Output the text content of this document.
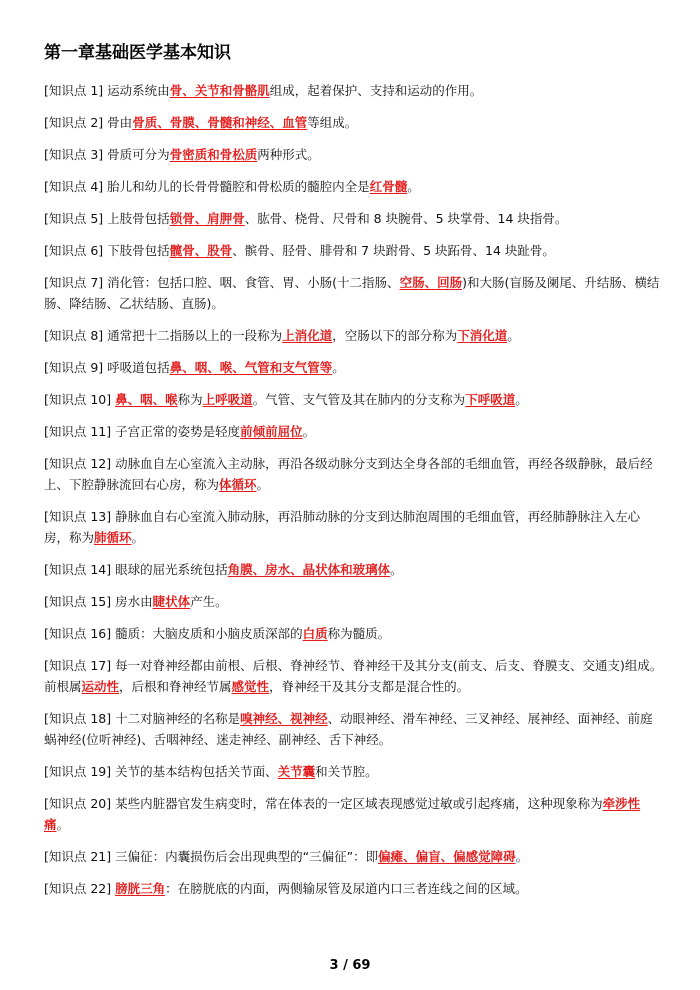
第一章基础医学基本知识
[知识点 1] 运动系统由骨、关节和骨骼肌组成，起着保护、支持和运动的作用。
[知识点 2] 骨由骨质、骨膜、骨髓和神经、血管等组成。
[知识点 3] 骨质可分为骨密质和骨松质两种形式。
[知识点 4] 胎儿和幼儿的长骨骨髓腔和骨松质的髓腔内全是红骨髓。
[知识点 5] 上肢骨包括锁骨、肩胛骨、肱骨、桡骨、尺骨和 8 块腕骨、5 块掌骨、14 块指骨。
[知识点 6] 下肢骨包括髋骨、股骨、髌骨、胫骨、腓骨和 7 块跗骨、5 块跖骨、14 块趾骨。
[知识点 7] 消化管：包括口腔、咽、食管、胃、小肠(十二指肠、空肠、回肠)和大肠(盲肠及阑尾、升结肠、横结肠、降结肠、乙状结肠、直肠)。
[知识点 8] 通常把十二指肠以上的一段称为上消化道，空肠以下的部分称为下消化道。
[知识点 9] 呼吸道包括鼻、咽、喉、气管和支气管等。
[知识点 10] 鼻、咽、喉称为上呼吸道。气管、支气管及其在肺内的分支称为下呼吸道。
[知识点 11] 子宫正常的姿势是轻度前倾前屈位。
[知识点 12] 动脉血自左心室流入主动脉，再沿各级动脉分支到达全身各部的毛细血管，再经各级静脉，最后经上、下腔静脉流回右心房，称为体循环。
[知识点 13] 静脉血自右心室流入肺动脉，再沿肺动脉的分支到达肺泡周围的毛细血管，再经肺静脉注入左心房，称为肺循环。
[知识点 14] 眼球的屈光系统包括角膜、房水、晶状体和玻璃体。
[知识点 15] 房水由睫状体产生。
[知识点 16] 髓质：大脑皮质和小脑皮质深部的白质称为髓质。
[知识点 17] 每一对脊神经都由前根、后根、脊神经节、脊神经干及其分支(前支、后支、脊膜支、交通支)组成。前根属运动性，后根和脊神经节属感觉性，脊神经干及其分支都是混合性的。
[知识点 18] 十二对脑神经的名称是嗅神经、视神经、动眼神经、滑车神经、三叉神经、展神经、面神经、前庭蜗神经(位听神经)、舌咽神经、迷走神经、副神经、舌下神经。
[知识点 19] 关节的基本结构包括关节面、关节囊和关节腔。
[知识点 20] 某些内脏器官发生病变时，常在体表的一定区域表现感觉过敏或引起疼痛，这种现象称为牵涉性痛。
[知识点 21] 三偏征：内囊损伤后会出现典型的“三偏征”：即偏瘫、偏盲、偏感觉障碍。
[知识点 22] 膀胱三角：在膀胱底的内面，两侧输尿管及尿道内口三者连线之间的区域。
3 / 69
